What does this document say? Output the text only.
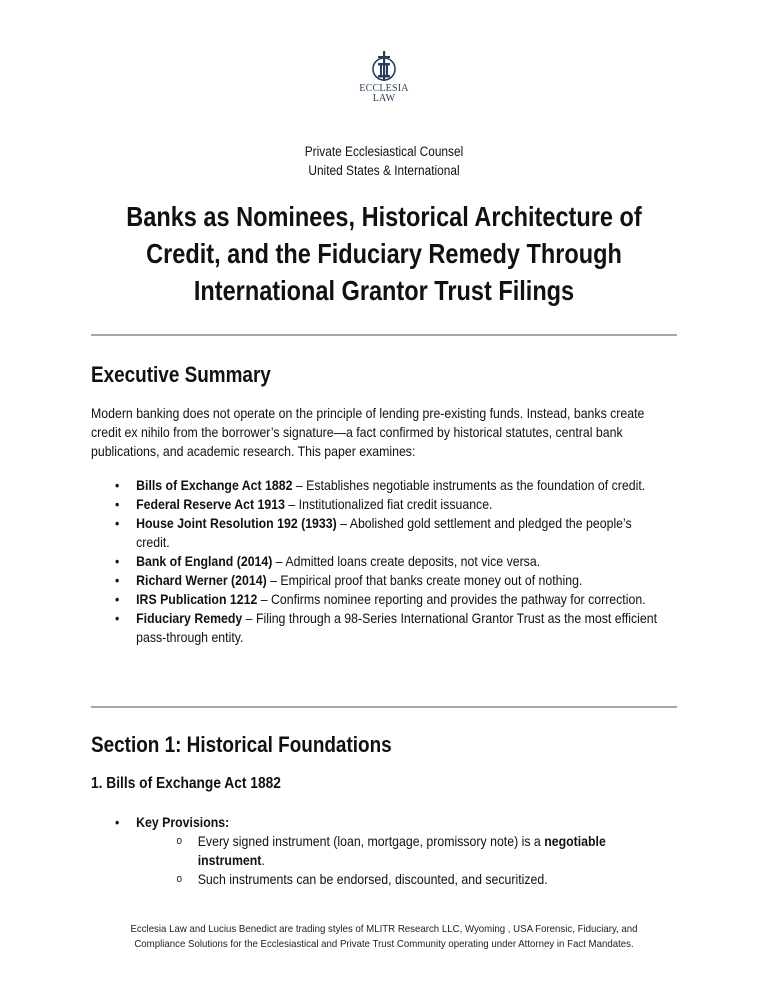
ECCLESIA
LAW
Private Ecclesiastical Counsel
United States & International
Banks as Nominees, Historical Architecture of Credit, and the Fiduciary Remedy Through International Grantor Trust Filings
Executive Summary
Modern banking does not operate on the principle of lending pre-existing funds. Instead, banks create credit ex nihilo from the borrower’s signature—a fact confirmed by historical statutes, central bank publications, and academic research. This paper examines:
• Bills of Exchange Act 1882 – Establishes negotiable instruments as the foundation of credit.
• Federal Reserve Act 1913 – Institutionalized fiat credit issuance.
• House Joint Resolution 192 (1933) – Abolished gold settlement and pledged the people’s credit.
• Bank of England (2014) – Admitted loans create deposits, not vice versa.
• Richard Werner (2014) – Empirical proof that banks create money out of nothing.
• IRS Publication 1212 – Confirms nominee reporting and provides the pathway for correction.
• Fiduciary Remedy – Filing through a 98-Series International Grantor Trust as the most efficient pass-through entity.
Section 1: Historical Foundations
1. Bills of Exchange Act 1882
• Key Provisions:
o Every signed instrument (loan, mortgage, promissory note) is a negotiable instrument.
o Such instruments can be endorsed, discounted, and securitized.
Ecclesia Law and Lucius Benedict are trading styles of MLITR Research LLC, Wyoming , USA Forensic, Fiduciary, and
Compliance Solutions for the Ecclesiastical and Private Trust Community operating under Attorney in Fact Mandates.
